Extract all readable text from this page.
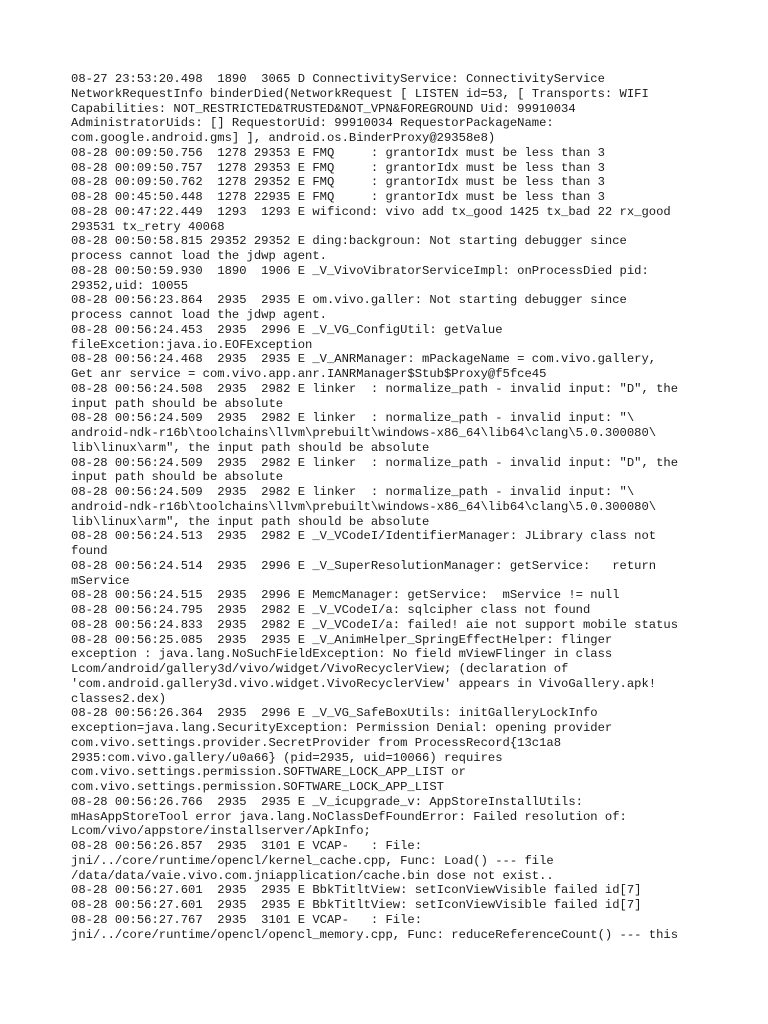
08-27 23:53:20.498  1890  3065 D ConnectivityService: ConnectivityService
NetworkRequestInfo binderDied(NetworkRequest [ LISTEN id=53, [ Transports: WIFI
Capabilities: NOT_RESTRICTED&TRUSTED&NOT_VPN&FOREGROUND Uid: 99910034
AdministratorUids: [] RequestorUid: 99910034 RequestorPackageName:
com.google.android.gms] ], android.os.BinderProxy@29358e8)
08-28 00:09:50.756  1278 29353 E FMQ     : grantorIdx must be less than 3
08-28 00:09:50.757  1278 29353 E FMQ     : grantorIdx must be less than 3
08-28 00:09:50.762  1278 29352 E FMQ     : grantorIdx must be less than 3
08-28 00:45:50.448  1278 22935 E FMQ     : grantorIdx must be less than 3
08-28 00:47:22.449  1293  1293 E wificond: vivo add tx_good 1425 tx_bad 22 rx_good
293531 tx_retry 40068
08-28 00:50:58.815 29352 29352 E ding:backgroun: Not starting debugger since
process cannot load the jdwp agent.
08-28 00:50:59.930  1890  1906 E _V_VivoVibratorServiceImpl: onProcessDied pid:
29352,uid: 10055
08-28 00:56:23.864  2935  2935 E om.vivo.galler: Not starting debugger since
process cannot load the jdwp agent.
08-28 00:56:24.453  2935  2996 E _V_VG_ConfigUtil: getValue
fileExcetion:java.io.EOFException
08-28 00:56:24.468  2935  2935 E _V_ANRManager: mPackageName = com.vivo.gallery,
Get anr service = com.vivo.app.anr.IANRManager$Stub$Proxy@f5fce45
08-28 00:56:24.508  2935  2982 E linker  : normalize_path - invalid input: "D", the
input path should be absolute
08-28 00:56:24.509  2935  2982 E linker  : normalize_path - invalid input: "\
android-ndk-r16b\toolchains\llvm\prebuilt\windows-x86_64\lib64\clang\5.0.300080\
lib\linux\arm", the input path should be absolute
08-28 00:56:24.509  2935  2982 E linker  : normalize_path - invalid input: "D", the
input path should be absolute
08-28 00:56:24.509  2935  2982 E linker  : normalize_path - invalid input: "\
android-ndk-r16b\toolchains\llvm\prebuilt\windows-x86_64\lib64\clang\5.0.300080\
lib\linux\arm", the input path should be absolute
08-28 00:56:24.513  2935  2982 E _V_VCodeI/IdentifierManager: JLibrary class not
found
08-28 00:56:24.514  2935  2996 E _V_SuperResolutionManager: getService:   return
mService
08-28 00:56:24.515  2935  2996 E MemcManager: getService:  mService != null
08-28 00:56:24.795  2935  2982 E _V_VCodeI/a: sqlcipher class not found
08-28 00:56:24.833  2935  2982 E _V_VCodeI/a: failed! aie not support mobile status
08-28 00:56:25.085  2935  2935 E _V_AnimHelper_SpringEffectHelper: flinger
exception : java.lang.NoSuchFieldException: No field mViewFlinger in class
Lcom/android/gallery3d/vivo/widget/VivoRecyclerView; (declaration of
'com.android.gallery3d.vivo.widget.VivoRecyclerView' appears in VivoGallery.apk!
classes2.dex)
08-28 00:56:26.364  2935  2996 E _V_VG_SafeBoxUtils: initGalleryLockInfo
exception=java.lang.SecurityException: Permission Denial: opening provider
com.vivo.settings.provider.SecretProvider from ProcessRecord{13c1a8
2935:com.vivo.gallery/u0a66} (pid=2935, uid=10066) requires
com.vivo.settings.permission.SOFTWARE_LOCK_APP_LIST or
com.vivo.settings.permission.SOFTWARE_LOCK_APP_LIST
08-28 00:56:26.766  2935  2935 E _V_icupgrade_v: AppStoreInstallUtils:
mHasAppStoreTool error java.lang.NoClassDefFoundError: Failed resolution of:
Lcom/vivo/appstore/installserver/ApkInfo;
08-28 00:56:26.857  2935  3101 E VCAP-   : File:
jni/../core/runtime/opencl/kernel_cache.cpp, Func: Load() --- file
/data/data/vaie.vivo.com.jniapplication/cache.bin dose not exist..
08-28 00:56:27.601  2935  2935 E BbkTitltView: setIconViewVisible failed id[7]
08-28 00:56:27.601  2935  2935 E BbkTitltView: setIconViewVisible failed id[7]
08-28 00:56:27.767  2935  3101 E VCAP-   : File:
jni/../core/runtime/opencl/opencl_memory.cpp, Func: reduceReferenceCount() --- this
